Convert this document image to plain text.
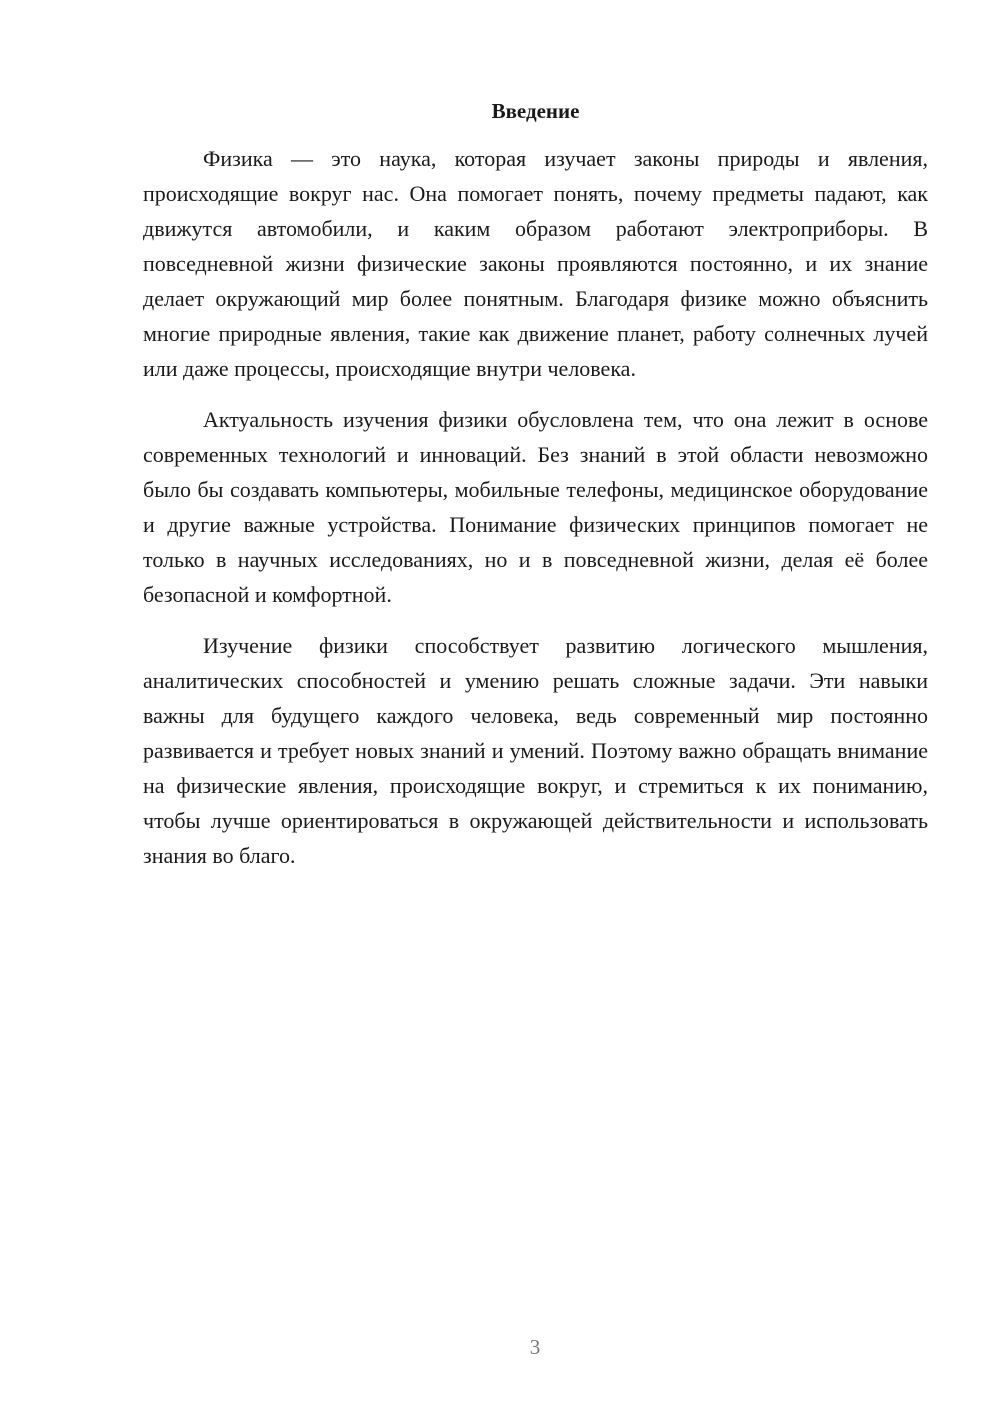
Введение

Физика — это наука, которая изучает законы природы и явления, происходящие вокруг нас. Она помогает понять, почему предметы падают, как движутся автомобили, и каким образом работают электроприборы. В повседневной жизни физические законы проявляются постоянно, и их знание делает окружающий мир более понятным. Благодаря физике можно объяснить многие природные явления, такие как движение планет, работу солнечных лучей или даже процессы, происходящие внутри человека.

Актуальность изучения физики обусловлена тем, что она лежит в основе современных технологий и инноваций. Без знаний в этой области невозможно было бы создавать компьютеры, мобильные телефоны, медицинское оборудование и другие важные устройства. Понимание физических принципов помогает не только в научных исследованиях, но и в повседневной жизни, делая её более безопасной и комфортной.

Изучение физики способствует развитию логического мышления, аналитических способностей и умению решать сложные задачи. Эти навыки важны для будущего каждого человека, ведь современный мир постоянно развивается и требует новых знаний и умений. Поэтому важно обращать внимание на физические явления, происходящие вокруг, и стремиться к их пониманию, чтобы лучше ориентироваться в окружающей действительности и использовать знания во благо.

3
